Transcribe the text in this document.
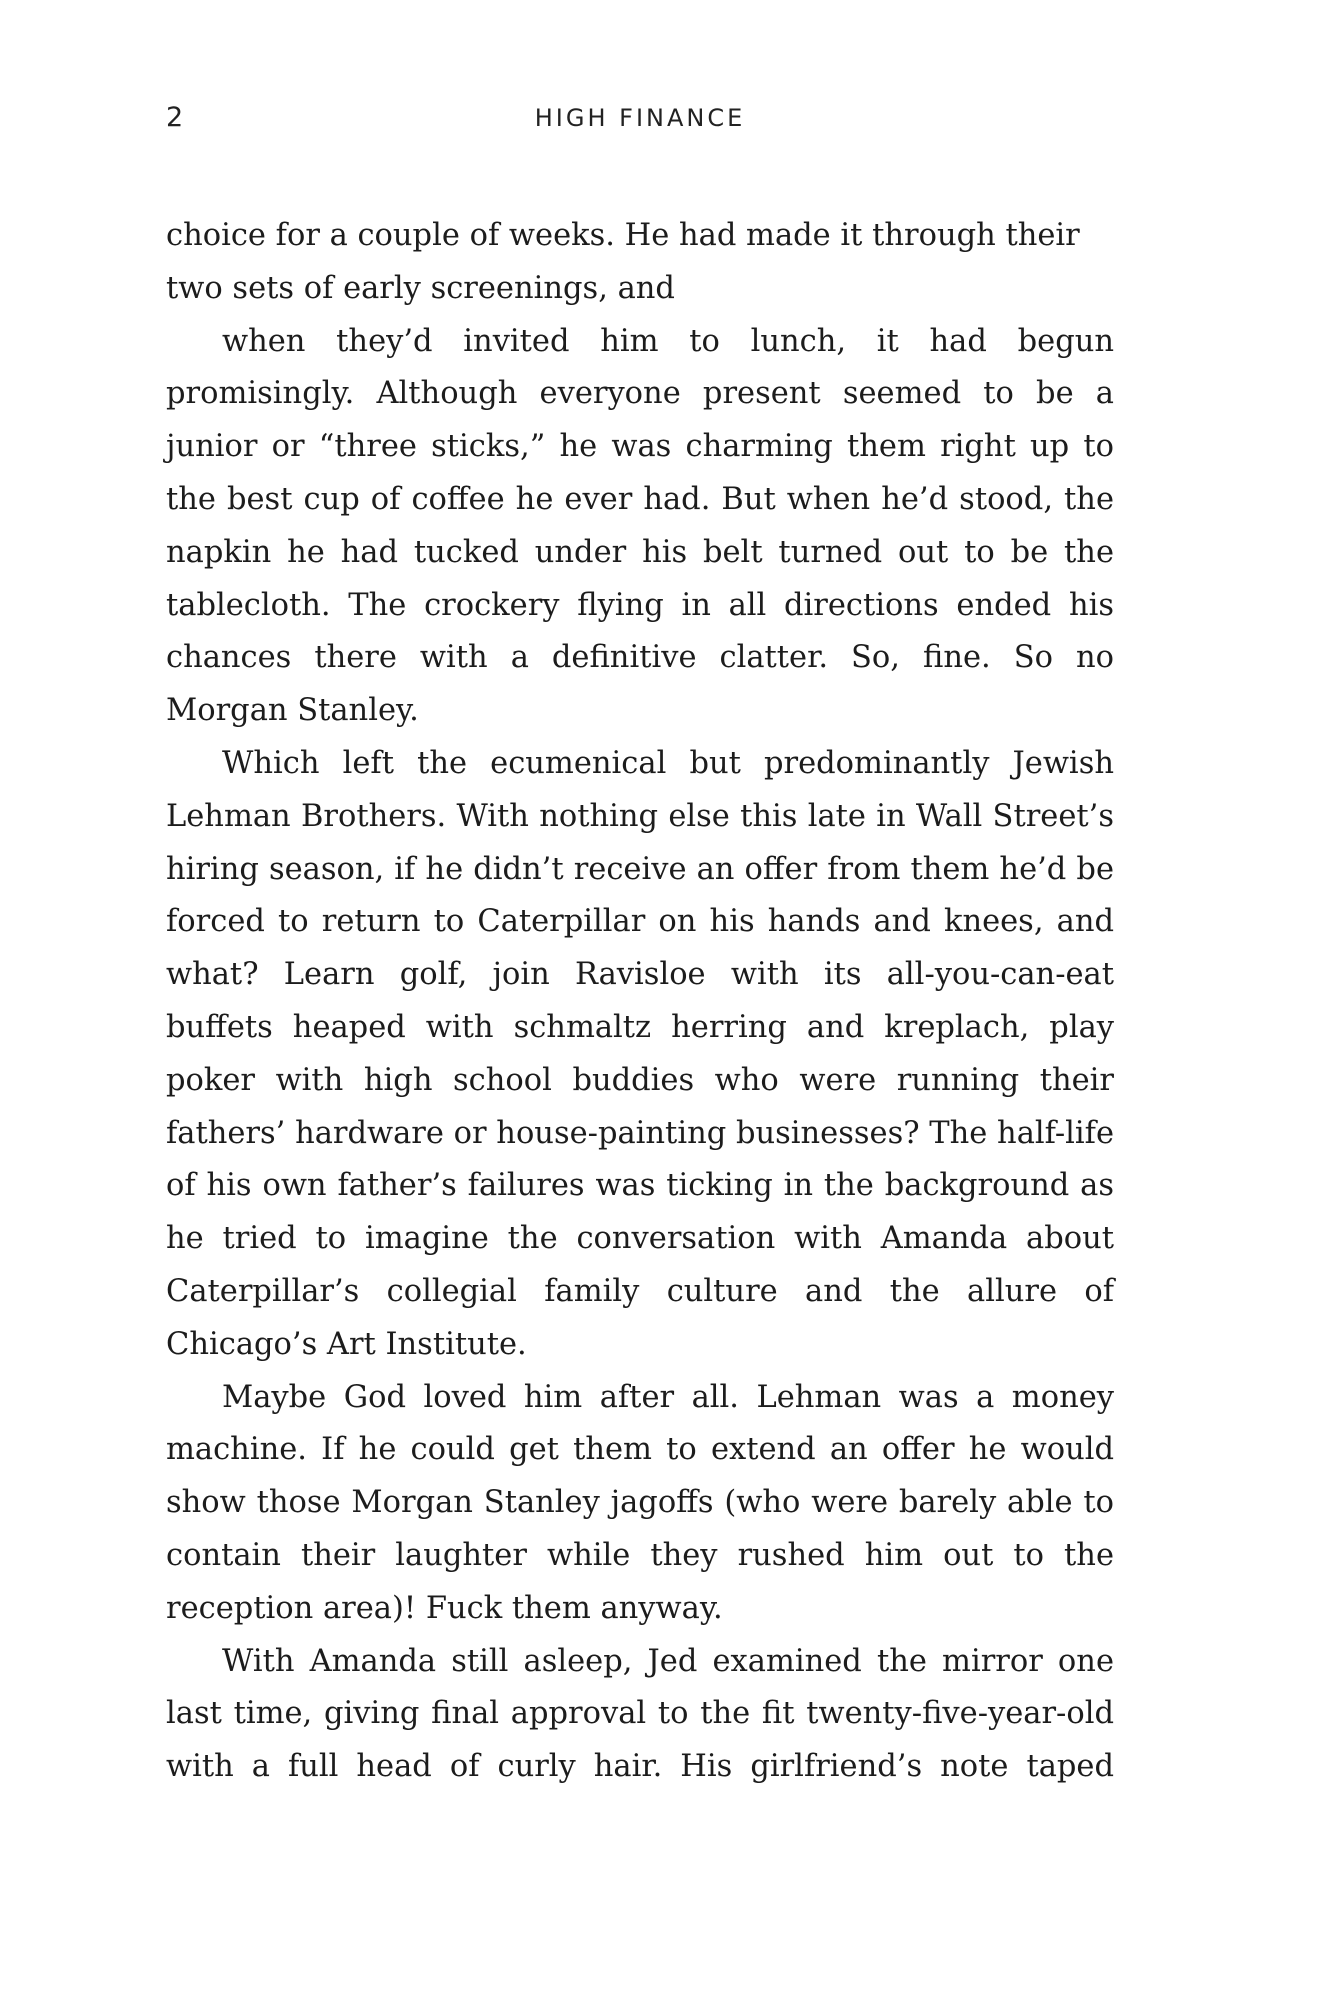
2	HIGH FINANCE

choice for a couple of weeks. He had made it through their two sets of early screenings, and

when they’d invited him to lunch, it had begun promisingly. Although everyone present seemed to be a junior or “three sticks,” he was charming them right up to the best cup of coffee he ever had. But when he’d stood, the napkin he had tucked under his belt turned out to be the tablecloth. The crockery flying in all directions ended his chances there with a definitive clatter. So, fine. So no Morgan Stanley.

Which left the ecumenical but predominantly Jewish Lehman Brothers. With nothing else this late in Wall Street’s hiring season, if he didn’t receive an offer from them he’d be forced to return to Caterpillar on his hands and knees, and what? Learn golf, join Ravisloe with its all-you-can-eat buffets heaped with schmaltz herring and kreplach, play poker with high school buddies who were running their fathers’ hardware or house-painting businesses? The half-life of his own father’s failures was ticking in the background as he tried to imagine the conversation with Amanda about Caterpillar’s collegial family culture and the allure of Chicago’s Art Institute.

Maybe God loved him after all. Lehman was a money machine. If he could get them to extend an offer he would show those Morgan Stanley jagoffs (who were barely able to contain their laughter while they rushed him out to the reception area)! Fuck them anyway.

With Amanda still asleep, Jed examined the mirror one last time, giving final approval to the fit twenty-five-year-old with a full head of curly hair. His girlfriend’s note taped
